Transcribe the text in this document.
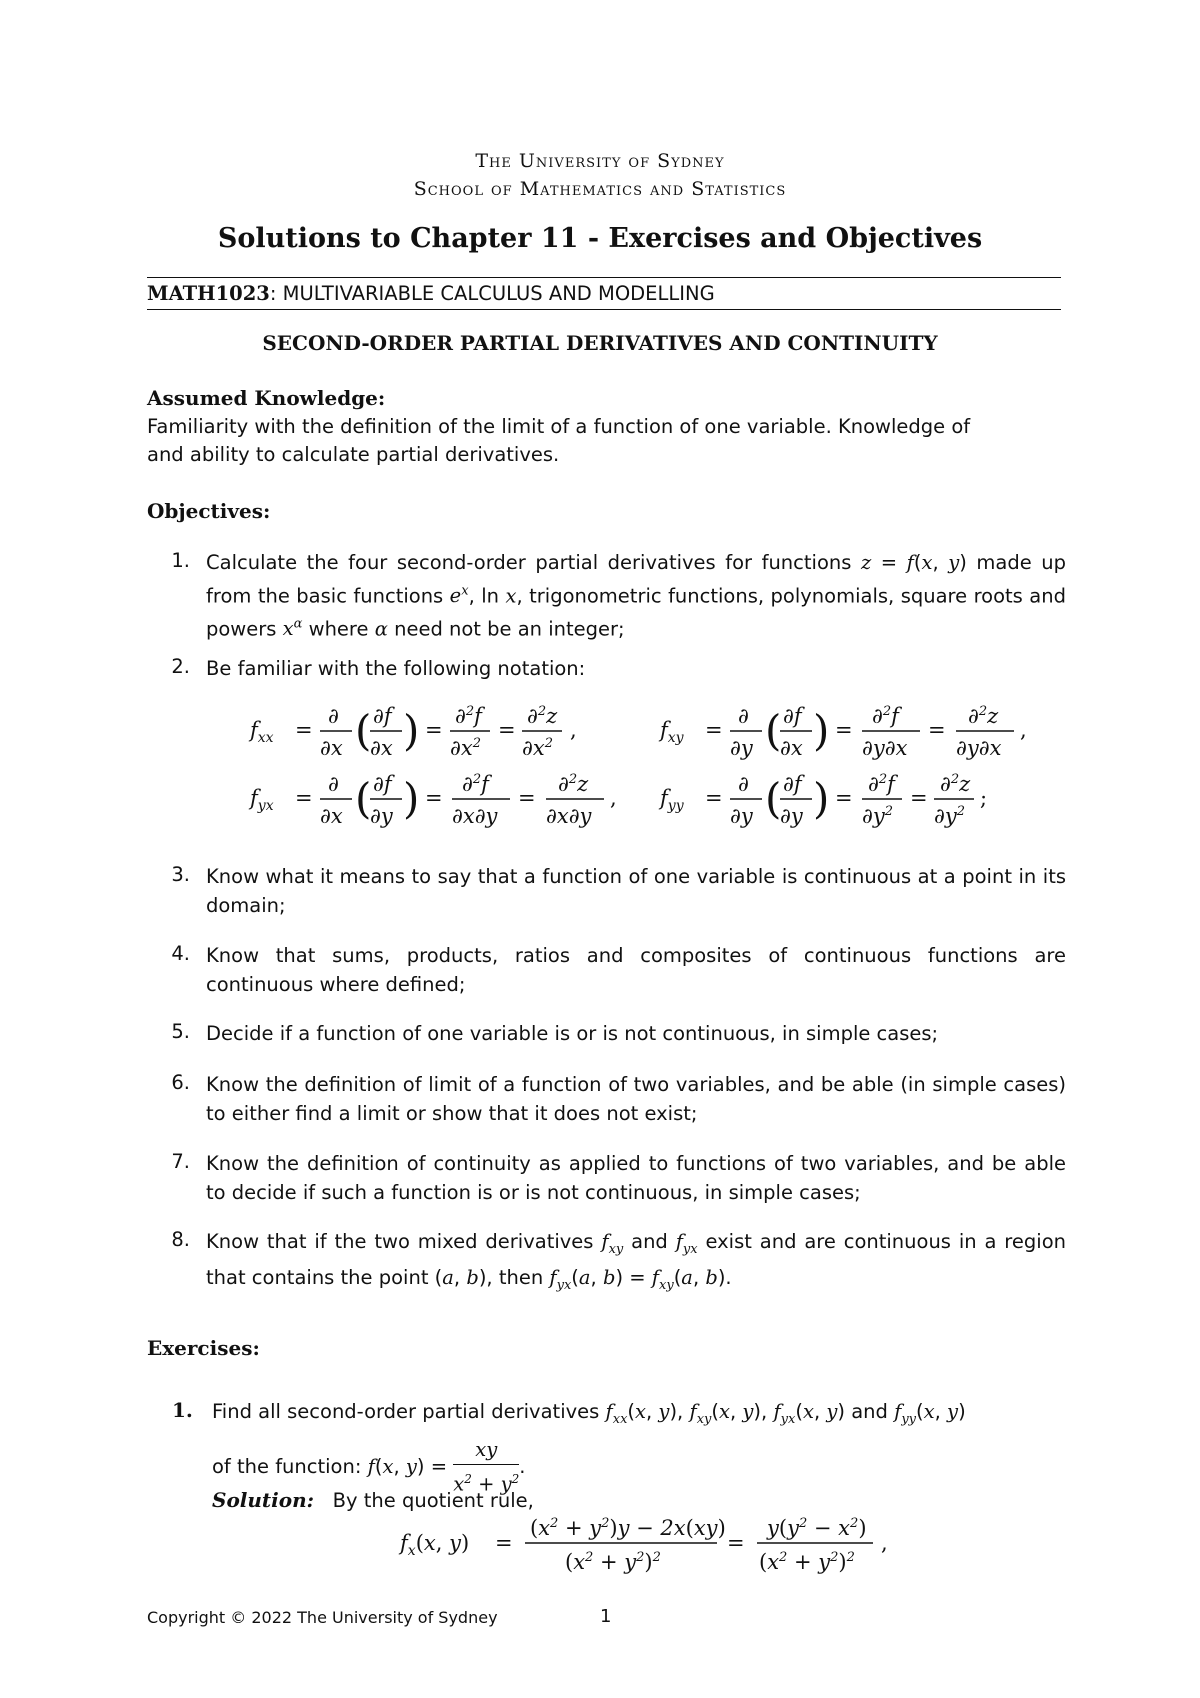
The University of Sydney
School of Mathematics and Statistics
Solutions to Chapter 11 - Exercises and Objectives
MATH1023: MULTIVARIABLE CALCULUS AND MODELLING
SECOND-ORDER PARTIAL DERIVATIVES AND CONTINUITY
Assumed Knowledge:
Familiarity with the definition of the limit of a function of one variable. Knowledge of
and ability to calculate partial derivatives.
Objectives:
1. Calculate the four second-order partial derivatives for functions z = f(x, y) made up from the basic functions $e^x$, ln x, trigonometric functions, polynomials, square roots and powers $x^\alpha$ where α need not be an integer;
2. Be familiar with the following notation:
$f_{xx}$ =
∂
∂x ( ∂f
∂x ) =
∂$^2$f
$\partial x^2$
=
∂$^2$z
$\partial x^2$
,	$f_{xy}$ =
∂
∂y ( ∂f
∂x ) =
∂$^2$f
∂y∂x
=
∂$^2$z
∂y∂x
,
$f_{yx}$ =
∂
∂x ( ∂f
∂y ) =
∂$^2$f
∂x∂y
=
∂$^2$z
∂x∂y
, $f_{yy}$ =
∂
∂y ( ∂f
∂y ) =
∂$^2$f
$\partial y^2$
=
∂$^2$z
$\partial y^2$
;
3. Know what it means to say that a function of one variable is continuous at a point in its domain;
4. Know that sums, products, ratios and composites of continuous functions are continuous where defined;
5. Decide if a function of one variable is or is not continuous, in simple cases;
6. Know the definition of limit of a function of two variables, and be able (in simple cases) to either find a limit or show that it does not exist;
7. Know the definition of continuity as applied to functions of two variables, and be able to decide if such a function is or is not continuous, in simple cases;
8. Know that if the two mixed derivatives $f_{xy}$ and $f_{yx}$ exist and are continuous in a region that contains the point (a, b), then $f_{yx}(a$, $b) = f_{xy}(a$, b).
Exercises:
1. Find all second-order partial derivatives $f_{xx}(x$, y), $f_{xy}(x$, y), $f_{yx}(x$, y) and $f_{yy}(x$, y)
of the function: f(x, $y) = \frac{xy}{x^2 + y^2}$ .
Solution: By the quotient rule,
$f_x(x$, y) =
$(x^2 + y^2)y - 2x(xy)$
$(x^2 + y^2)^2$
=
$y(y^2 - x^2)$
$(x^2 + y^2)^2$
,
Copyright © 2022 The University of Sydney	1
